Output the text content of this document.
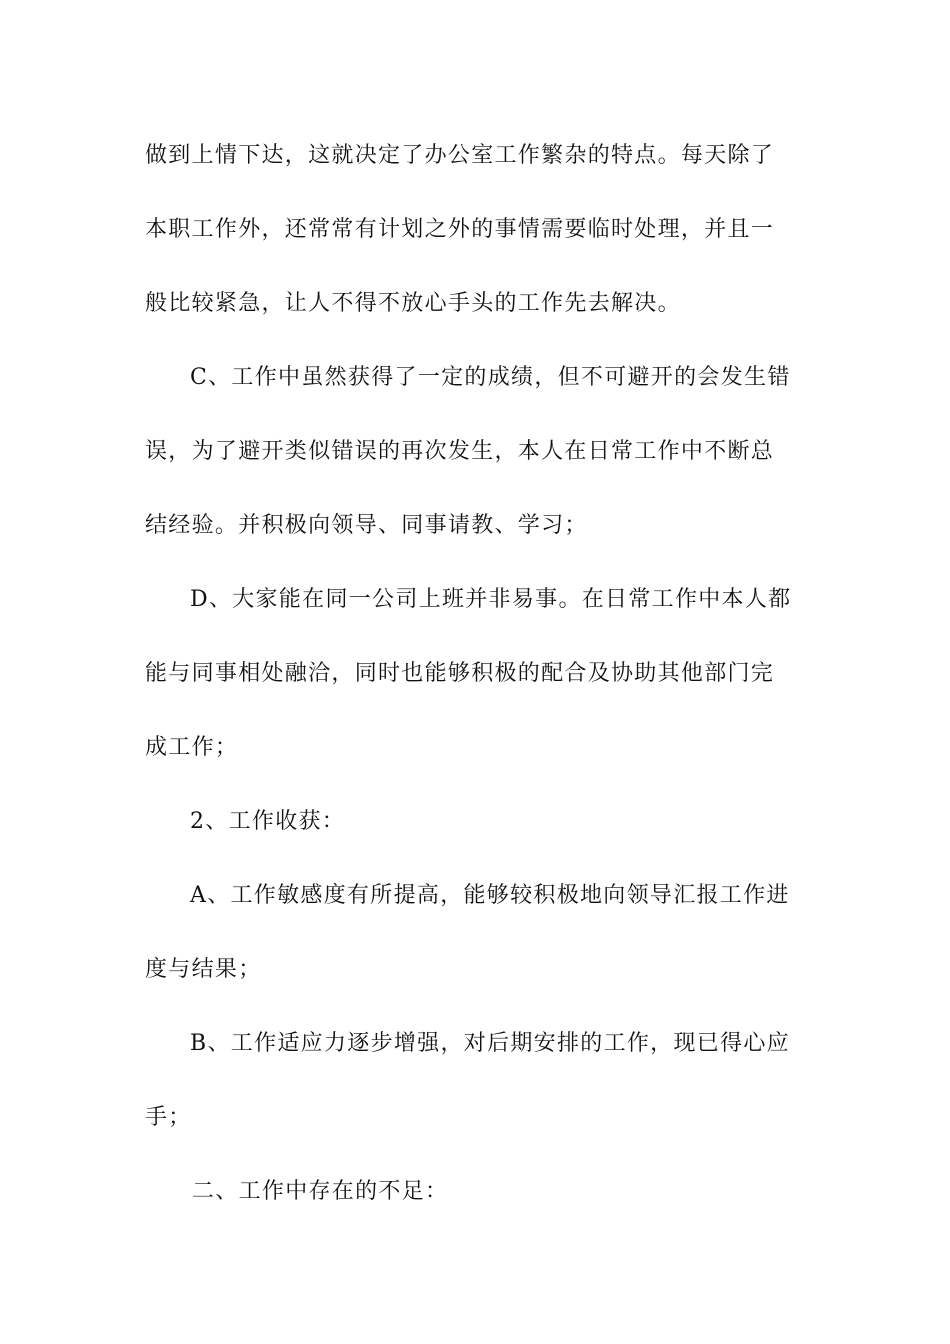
做到上情下达，这就决定了办公室工作繁杂的特点。每天除了
本职工作外，还常常有计划之外的事情需要临时处理，并且一
般比较紧急，让人不得不放心手头的工作先去解决。
C、工作中虽然获得了一定的成绩，但不可避开的会发生错
误，为了避开类似错误的再次发生，本人在日常工作中不断总
结经验。并积极向领导、同事请教、学习；
D、大家能在同一公司上班并非易事。在日常工作中本人都
能与同事相处融洽，同时也能够积极的配合及协助其他部门完
成工作；
2、工作收获：
A、工作敏感度有所提高，能够较积极地向领导汇报工作进
度与结果；
B、工作适应力逐步增强，对后期安排的工作，现已得心应
手；
二、工作中存在的不足：
